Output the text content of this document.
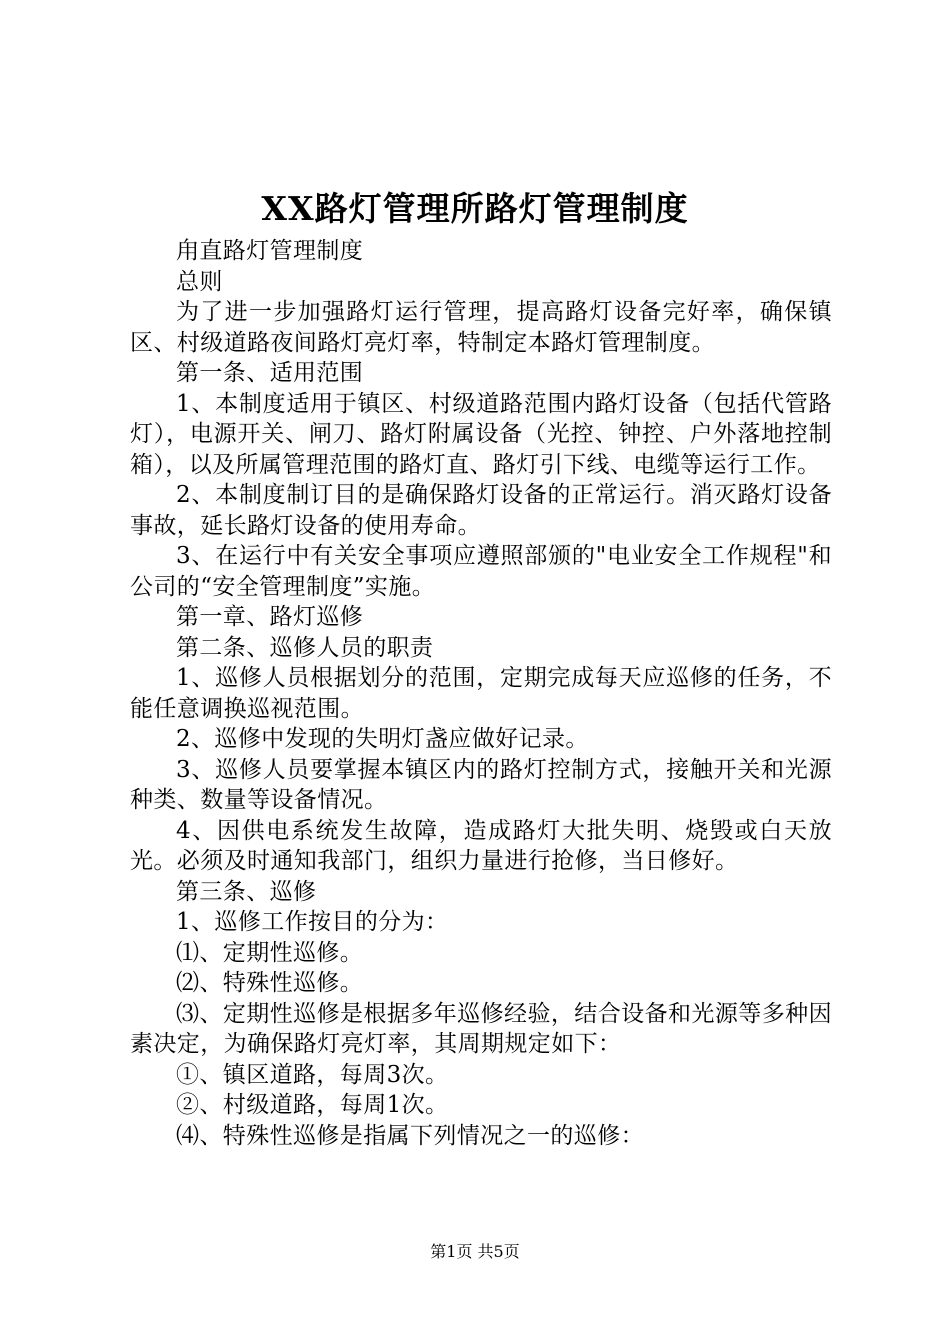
XX路灯管理所路灯管理制度

甪直路灯管理制度

总则

为了进一步加强路灯运行管理，提高路灯设备完好率，确保镇区、村级道路夜间路灯亮灯率，特制定本路灯管理制度。

第一条、适用范围

1、本制度适用于镇区、村级道路范围内路灯设备（包括代管路灯），电源开关、闸刀、路灯附属设备（光控、钟控、户外落地控制箱），以及所属管理范围的路灯直、路灯引下线、电缆等运行工作。

2、本制度制订目的是确保路灯设备的正常运行。消灭路灯设备事故，延长路灯设备的使用寿命。

3、在运行中有关安全事项应遵照部颁的"电业安全工作规程"和公司的“安全管理制度”实施。

第一章、路灯巡修

第二条、巡修人员的职责

1、巡修人员根据划分的范围，定期完成每天应巡修的任务，不能任意调换巡视范围。

2、巡修中发现的失明灯盏应做好记录。

3、巡修人员要掌握本镇区内的路灯控制方式，接触开关和光源种类、数量等设备情况。

4、因供电系统发生故障，造成路灯大批失明、烧毁或白天放光。必须及时通知我部门，组织力量进行抢修，当日修好。

第三条、巡修

1、巡修工作按目的分为：

⑴、定期性巡修。

⑵、特殊性巡修。

⑶、定期性巡修是根据多年巡修经验，结合设备和光源等多种因素决定，为确保路灯亮灯率，其周期规定如下：

①、镇区道路，每周3次。

②、村级道路，每周1次。

⑷、特殊性巡修是指属下列情况之一的巡修：

第1页 共5页
